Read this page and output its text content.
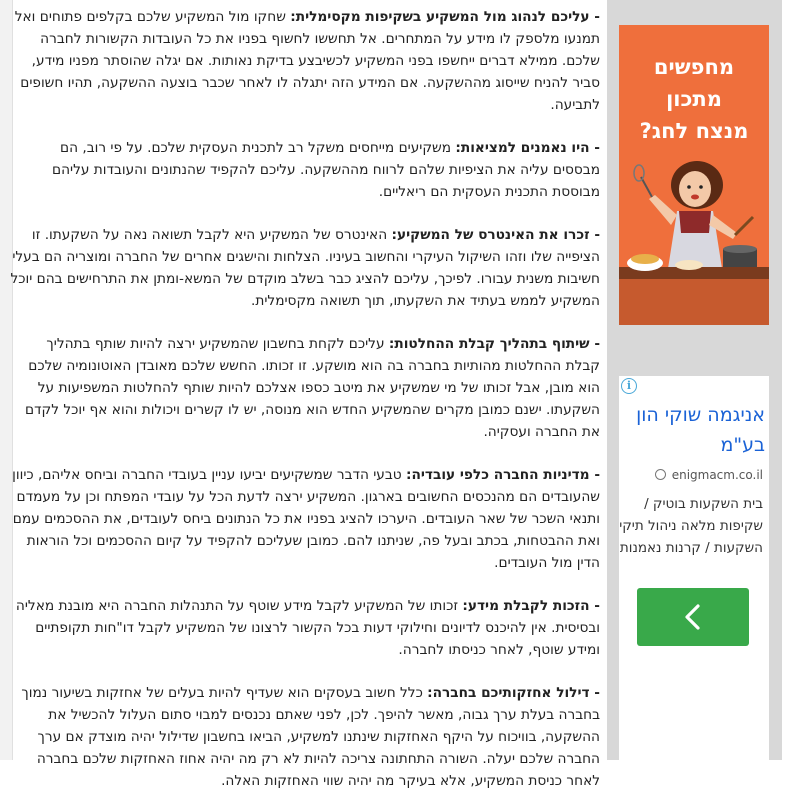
- עליכם לנהוג מול המשקיע בשקיפות מקסימלית: שחקו מול המשקיע שלכם בקלפים פתוחים ואל תמנעו מלספק לו מידע על המתחרים. אל תחששו לחשוף בפניו את כל העובדות הקשורות לחברה שלכם. ממילא דברים ייחשפו בפני המשקיע לכשיבצע בדיקת נאותות. אם יגלה שהוסתר מפניו מידע, סביר להניח שייסוג מההשקעה. אם המידע הזה יתגלה לו לאחר שכבר בוצעה ההשקעה, תהיו חשופים לתביעה.

- היו נאמנים למציאות: משקיעים מייחסים משקל רב לתכנית העסקית שלכם. על פי רוב, הם מבססים עליה את הציפיות שלהם לרווח מההשקעה. עליכם להקפיד שהנתונים והעובדות עליהם מבוססת התכנית העסקית הם ריאליים.

- זכרו את האינטרס של המשקיע: האינטרס של המשקיע היא לקבל תשואה נאה על השקעתו. זו הציפייה שלו וזהו השיקול העיקרי והחשוב בעיניו. הצלחות והישגים אחרים של החברה ומוצריה הם בעלי חשיבות משנית עבורו. לפיכך, עליכם להציג כבר בשלב מוקדם של המשא-ומתן את התרחישים בהם יוכל המשקיע לממש בעתיד את השקעתו, תוך תשואה מקסימלית.

- שיתוף בתהליך קבלת ההחלטות: עליכם לקחת בחשבון שהמשקיע ירצה להיות שותף בתהליך קבלת ההחלטות מהותיות בחברה בה הוא מושקע. זו זכותו. החשש שלכם מאובדן האוטונומיה שלכם הוא מובן, אבל זכותו של מי שמשקיע את מיטב כספו אצלכם להיות שותף להחלטות המשפיעות על השקעתו. ישנם כמובן מקרים שהמשקיע החדש הוא מנוסה, יש לו קשרים ויכולות והוא אף יוכל לקדם את החברה ועסקיה.

- מדיניות החברה כלפי עובדיה: טבעי הדבר שמשקיעים יביעו עניין בעובדי החברה וביחס אליהם, כיוון שהעובדים הם מהנכסים החשובים בארגון. המשקיע ירצה לדעת הכל על עובדי המפתח וכן על מעמדם ותנאי השכר של שאר העובדים. היערכו להציג בפניו את כל הנתונים ביחס לעובדים, את ההסכמים עמם ואת ההבטחות, בכתב ובעל פה, שניתנו להם. כמובן שעליכם להקפיד על קיום ההסכמים וכל הוראות הדין מול העובדים.

- הזכות לקבלת מידע: זכותו של המשקיע לקבל מידע שוטף על התנהלות החברה היא מובנת מאליה ובסיסית. אין להיכנס לדיונים וחילוקי דעות בכל הקשור לרצונו של המשקיע לקבל דו"חות תקופתיים ומידע שוטף, לאחר כניסתו לחברה.

- דילול אחזקותיכם בחברה: כלל חשוב בעסקים הוא שעדיף להיות בעלים של אחזקות בשיעור נמוך בחברה בעלת ערך גבוה, מאשר להיפך. לכן, לפני שאתם נכנסים למבוי סתום העלול להכשיל את ההשקעה, בוויכוח על היקף האחזקות שינתנו למשקיע, הביאו בחשבון שדילול יהיה מוצדק אם ערך החברה שלכם יעלה. השורה התחתונה צריכה להיות לא רק מה יהיה אחוז האחזקות שלכם בחברה לאחר כניסת המשקיע, אלא בעיקר מה יהיה שווי האחזקות האלה.

מחפשים
מתכון
מנצח לחג?
i
אניגמה שוקי הון בע"מ
enigmacm.co.il
בית השקעות בוטיק / שקיפות מלאה ניהול תיקי השקעות / קרנות נאמנות
